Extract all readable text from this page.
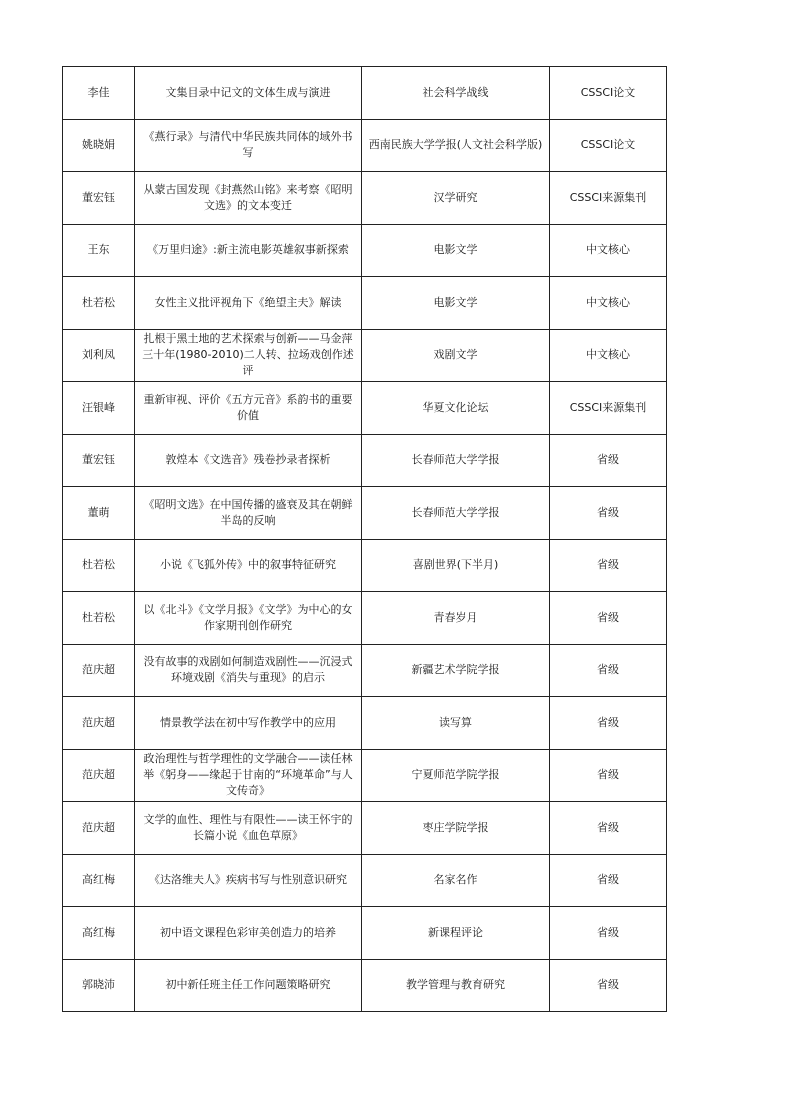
李佳	文集目录中记文的文体生成与演进	社会科学战线	CSSCI论文
姚晓娟	《燕行录》与清代中华民族共同体的域外书写	西南民族大学学报(人文社会科学版)	CSSCI论文
董宏钰	从蒙古国发现《封燕然山铭》来考察《昭明文选》的文本变迁	汉学研究	CSSCI来源集刊
王东	《万里归途》:新主流电影英雄叙事新探索	电影文学	中文核心
杜若松	女性主义批评视角下《绝望主夫》解读	电影文学	中文核心
刘利凤	扎根于黑土地的艺术探索与创新——马金萍三十年(1980-2010)二人转、拉场戏创作述评	戏剧文学	中文核心
汪银峰	重新审视、评价《五方元音》系韵书的重要价值	华夏文化论坛	CSSCI来源集刊
董宏钰	敦煌本《文选音》残卷抄录者探析	长春师范大学学报	省级
董萌	《昭明文选》在中国传播的盛衰及其在朝鲜半岛的反响	长春师范大学学报	省级
杜若松	小说《飞狐外传》中的叙事特征研究	喜剧世界(下半月)	省级
杜若松	以《北斗》《文学月报》《文学》为中心的女作家期刊创作研究	青春岁月	省级
范庆超	没有故事的戏剧如何制造戏剧性——沉浸式环境戏剧《消失与重现》的启示	新疆艺术学院学报	省级
范庆超	情景教学法在初中写作教学中的应用	读写算	省级
范庆超	政治理性与哲学理性的文学融合——读任林举《躬身——缘起于甘南的“环境革命”与人文传奇》	宁夏师范学院学报	省级
范庆超	文学的血性、理性与有限性——读王怀宇的长篇小说《血色草原》	枣庄学院学报	省级
高红梅	《达洛维夫人》疾病书写与性别意识研究	名家名作	省级
高红梅	初中语文课程色彩审美创造力的培养	新课程评论	省级
郭晓沛	初中新任班主任工作问题策略研究	教学管理与教育研究	省级
